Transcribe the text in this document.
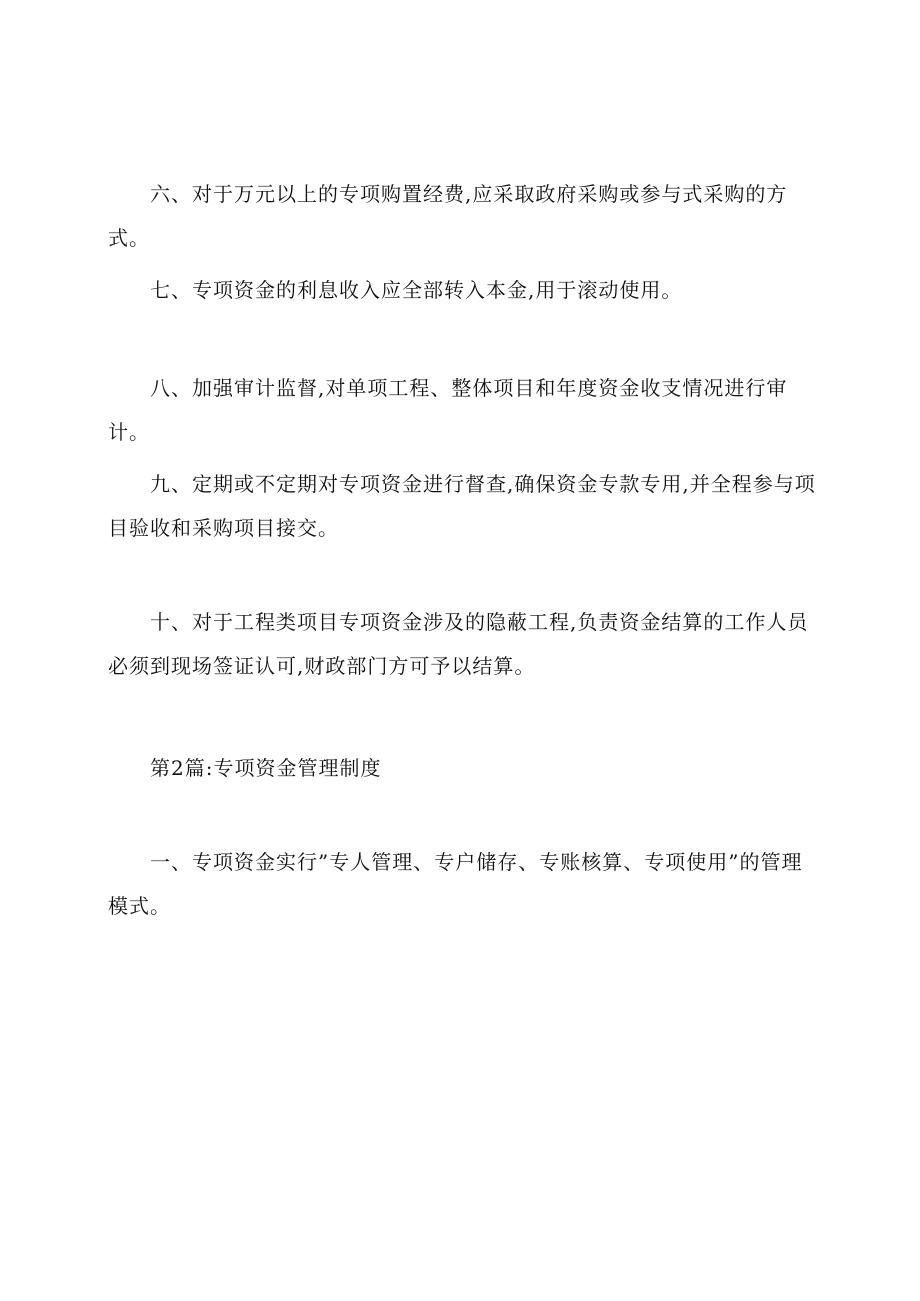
六、对于万元以上的专项购置经费,应采取政府采购或参与式采购的方式。

七、专项资金的利息收入应全部转入本金,用于滚动使用。

八、加强审计监督,对单项工程、整体项目和年度资金收支情况进行审计。

九、定期或不定期对专项资金进行督查,确保资金专款专用,并全程参与项目验收和采购项目接交。

十、对于工程类项目专项资金涉及的隐蔽工程,负责资金结算的工作人员必须到现场签证认可,财政部门方可予以结算。

第2篇:专项资金管理制度

一、专项资金实行”专人管理、专户储存、专账核算、专项使用”的管理模式。
